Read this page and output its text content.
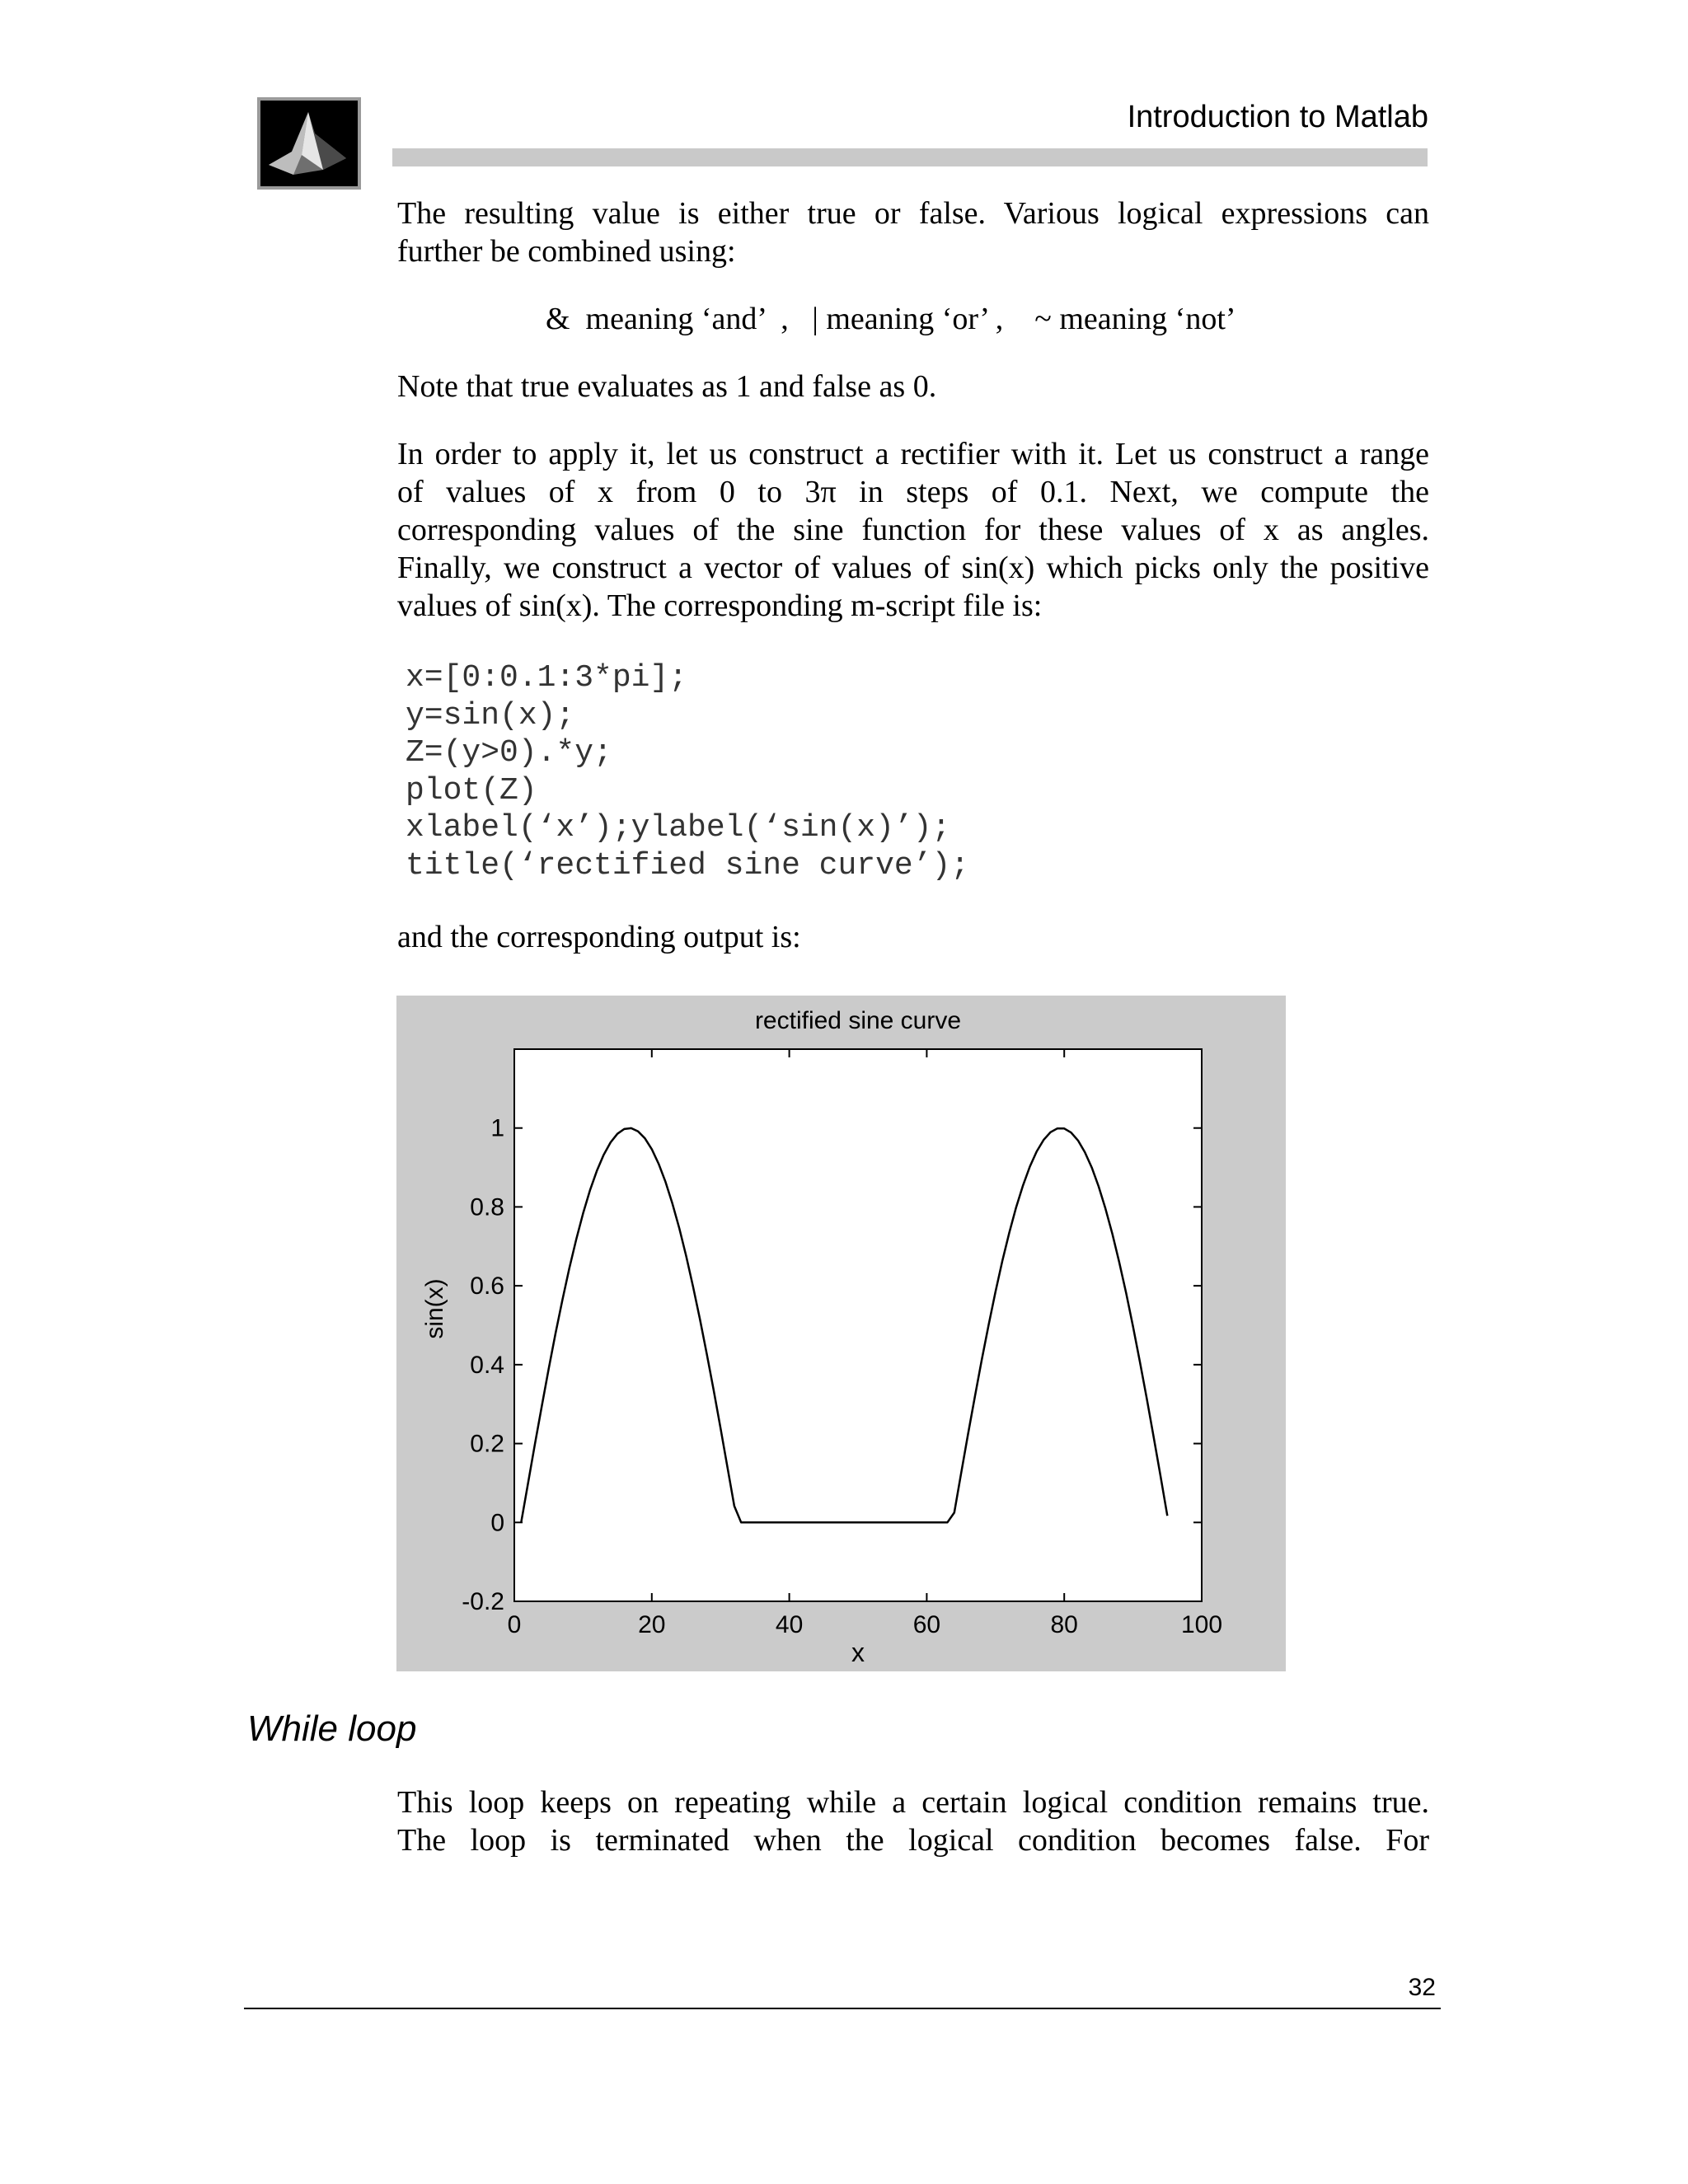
Introduction to Matlab
The resulting value is either true or false. Various logical expressions can
further be combined using:
&  meaning ‘and’  ,   | meaning ‘or’ ,    ~ meaning ‘not’
Note that true evaluates as 1 and false as 0.
In order to apply it, let us construct a rectifier with it. Let us construct a range
of values of x from 0 to 3π in steps of 0.1. Next, we compute the
corresponding values of the sine function for these values of x as angles.
Finally, we construct a vector of values of sin(x) which picks only the positive
values of sin(x). The corresponding m-script file is:
x=[0:0.1:3*pi];
y=sin(x);
Z=(y>0).*y;
plot(Z)
xlabel(‘x’);ylabel(‘sin(x)’);
title(‘rectified sine curve’);
and the corresponding output is:
0	20	40	60	80	100
-0.2
0
0.2
0.4
0.6
0.8
1
rectified sine curve
x
sin(x)
While loop
This loop keeps on repeating while a certain logical condition remains true.
The loop is terminated when the logical condition becomes false. For
32
